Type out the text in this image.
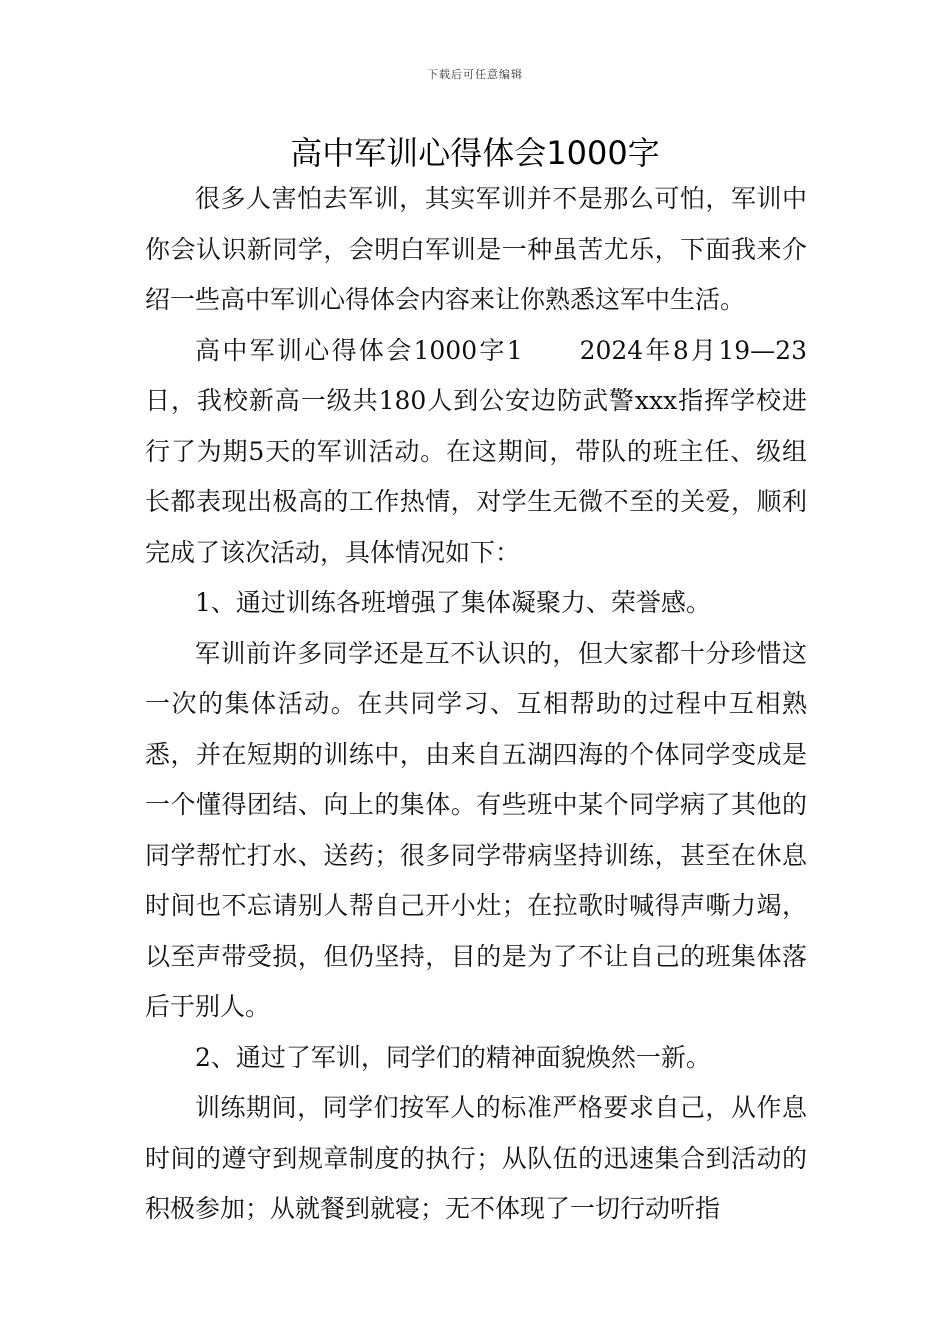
下载后可任意编辑
高中军训心得体会1000字

很多人害怕去军训，其实军训并不是那么可怕，军训中你会认识新同学，会明白军训是一种虽苦尤乐，下面我来介绍一些高中军训心得体会内容来让你熟悉这军中生活。

高中军训心得体会1000字1　　2024年8月19—23日，我校新高一级共180人到公安边防武警xxx指挥学校进行了为期5天的军训活动。在这期间，带队的班主任、级组长都表现出极高的工作热情，对学生无微不至的关爱，顺利完成了该次活动，具体情况如下：

1、通过训练各班增强了集体凝聚力、荣誉感。

军训前许多同学还是互不认识的，但大家都十分珍惜这一次的集体活动。在共同学习、互相帮助的过程中互相熟悉，并在短期的训练中，由来自五湖四海的个体同学变成是一个懂得团结、向上的集体。有些班中某个同学病了其他的同学帮忙打水、送药；很多同学带病坚持训练，甚至在休息时间也不忘请别人帮自己开小灶；在拉歌时喊得声嘶力竭，以至声带受损，但仍坚持，目的是为了不让自己的班集体落后于别人。

2、通过了军训，同学们的精神面貌焕然一新。

训练期间，同学们按军人的标准严格要求自己，从作息时间的遵守到规章制度的执行；从队伍的迅速集合到活动的积极参加；从就餐到就寝；无不体现了一切行动听指
